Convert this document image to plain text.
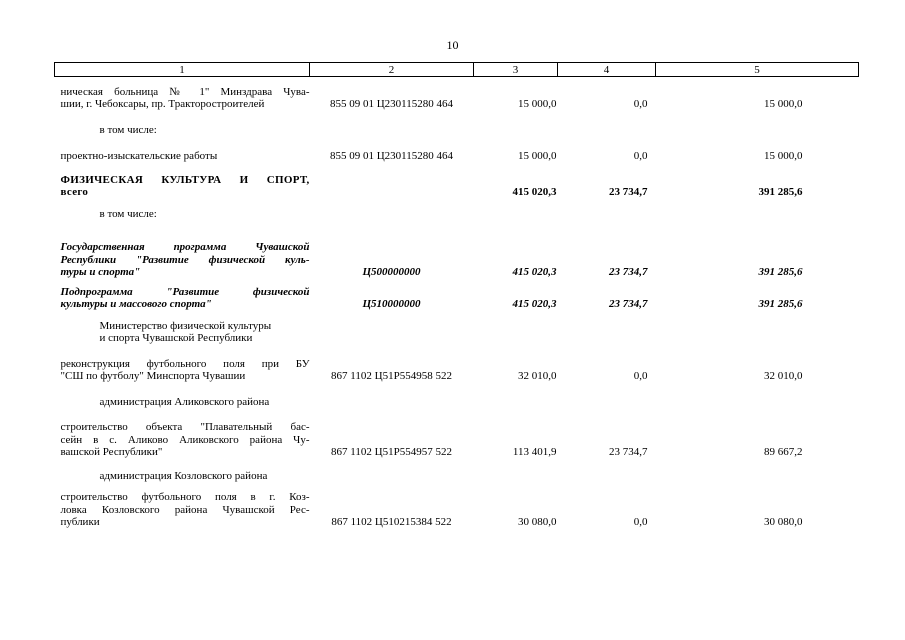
10
1	2	3	4	5

ническая больница № 1" Минздрава Чува-
шии, г. Чебоксары, пр. Тракторостроителей	855 09 01 Ц230115280 464	15 000,0	0,0	15 000,0

в том числе:				

проектно-изыскательские работы	855 09 01 Ц230115280 464	15 000,0	0,0	15 000,0

ФИЗИЧЕСКАЯ КУЛЬТУРА И СПОРТ,
всего		415 020,3	23 734,7	391 285,6

в том числе:				

Государственная программа Чувашской
Республики "Развитие физической куль-
туры и спорта"	Ц500000000	415 020,3	23 734,7	391 285,6

Подпрограмма "Развитие физической
культуры и массового спорта"	Ц510000000	415 020,3	23 734,7	391 285,6

Министерство физической культуры
и спорта Чувашской Республики				

реконструкция футбольного поля при БУ
"СШ по футболу" Минспорта Чувашии	867 1102 Ц51P554958 522	32 010,0	0,0	32 010,0

администрация Аликовского района				

строительство объекта "Плавательный бас-
сейн в с. Аликово Аликовского района Чу-
вашской Республики"	867 1102 Ц51P554957 522	113 401,9	23 734,7	89 667,2

администрация Козловского района				

строительство футбольного поля в г. Коз-
ловка Козловского района Чувашской Рес-
публики	867 1102 Ц510215384 522	30 080,0	0,0	30 080,0
